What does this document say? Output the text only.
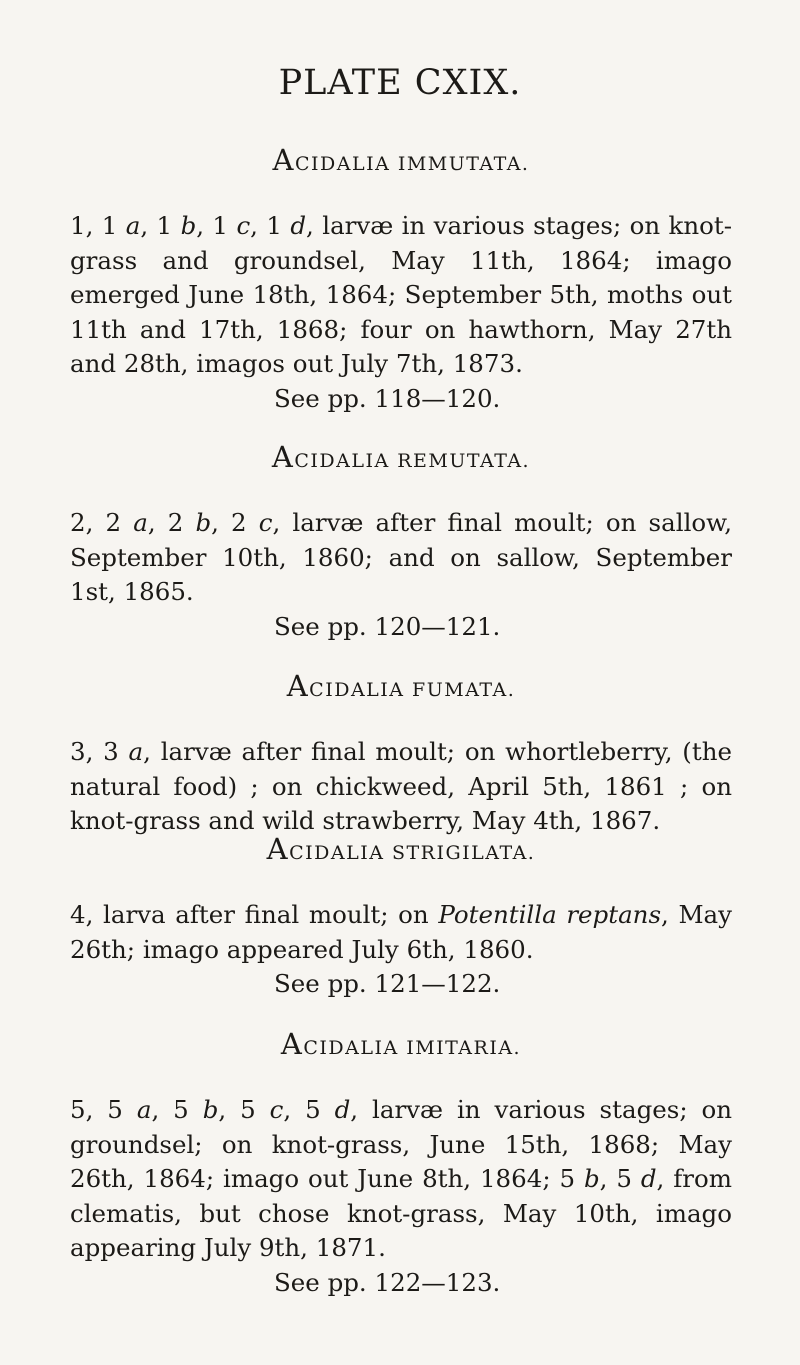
PLATE CXIX.
ACIDALIA IMMUTATA.

1, 1 a, 1 b, 1 c, 1 d, larvæ in various stages; on knot-grass and groundsel, May 11th, 1864; imago emerged June 18th, 1864; September 5th, moths out 11th and 17th, 1868; four on hawthorn, May 27th and 28th, imagos out July 7th, 1873.

See pp. 118—120.

ACIDALIA REMUTATA.

2, 2 a, 2 b, 2 c, larvæ after final moult; on sallow, September 10th, 1860; and on sallow, September 1st, 1865.

See pp. 120—121.

ACIDALIA FUMATA.

3, 3 a, larvæ after final moult; on whortleberry, (the natural food) ; on chickweed, April 5th, 1861 ; on knot-grass and wild strawberry, May 4th, 1867.

ACIDALIA STRIGILATA.

4, larva after final moult; on Potentilla reptans, May 26th; imago appeared July 6th, 1860.

See pp. 121—122.

ACIDALIA IMITARIA.

5, 5 a, 5 b, 5 c, 5 d, larvæ in various stages; on groundsel; on knot-grass, June 15th, 1868; May 26th, 1864; imago out June 8th, 1864; 5 b, 5 d, from clematis, but chose knot-grass, May 10th, imago appearing July 9th, 1871.

See pp. 122—123.
